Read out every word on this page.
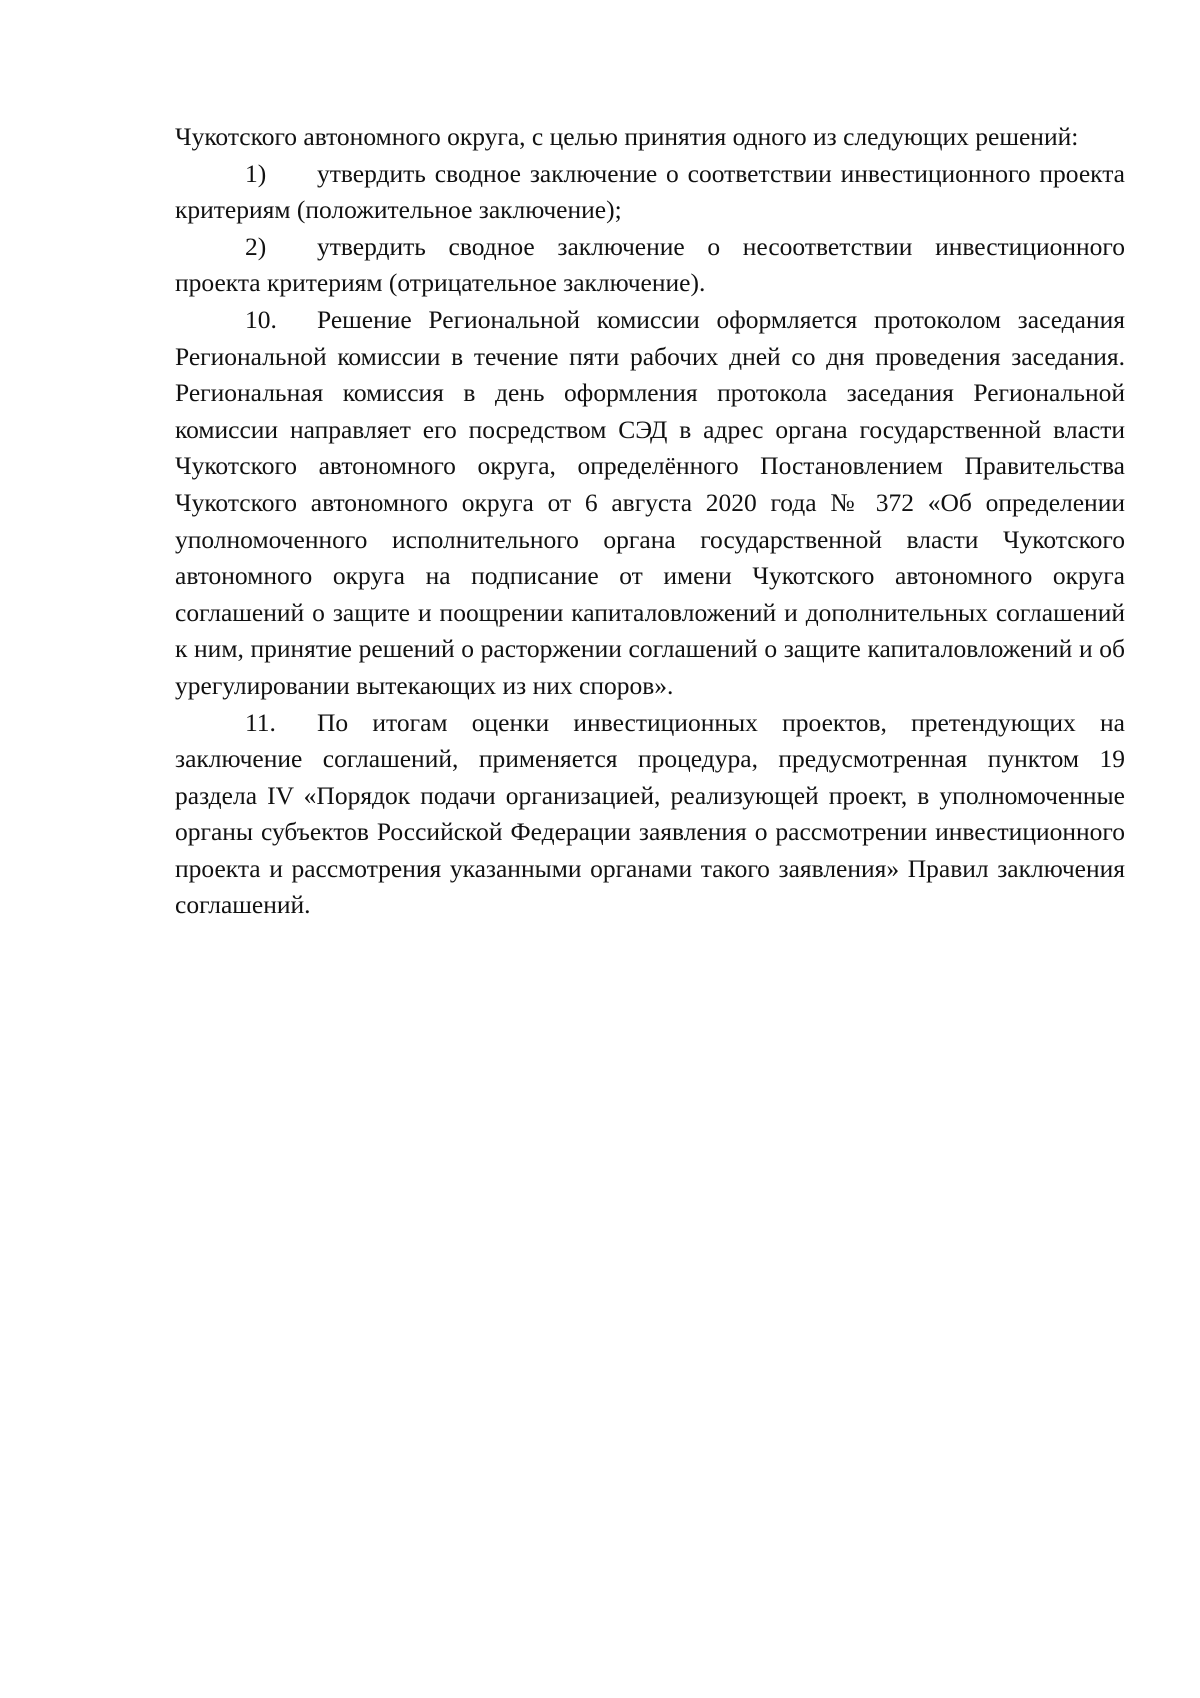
Чукотского автономного округа, с целью принятия одного из следующих решений:

1) утвердить сводное заключение о соответствии инвестиционного проекта критериям (положительное заключение);

2) утвердить сводное заключение о несоответствии инвестиционного проекта критериям (отрицательное заключение).

10. Решение Региональной комиссии оформляется протоколом заседания Региональной комиссии в течение пяти рабочих дней со дня проведения заседания. Региональная комиссия в день оформления протокола заседания Региональной комиссии направляет его посредством СЭД в адрес органа государственной власти Чукотского автономного округа, определённого Постановлением Правительства Чукотского автономного округа от 6 августа 2020 года № 372 «Об определении уполномоченного исполнительного органа государственной власти Чукотского автономного округа на подписание от имени Чукотского автономного округа соглашений о защите и поощрении капиталовложений и дополнительных соглашений к ним, принятие решений о расторжении соглашений о защите капиталовложений и об урегулировании вытекающих из них споров».

11. По итогам оценки инвестиционных проектов, претендующих на заключение соглашений, применяется процедура, предусмотренная пунктом 19 раздела IV «Порядок подачи организацией, реализующей проект, в уполномоченные органы субъектов Российской Федерации заявления о рассмотрении инвестиционного проекта и рассмотрения указанными органами такого заявления» Правил заключения соглашений.
